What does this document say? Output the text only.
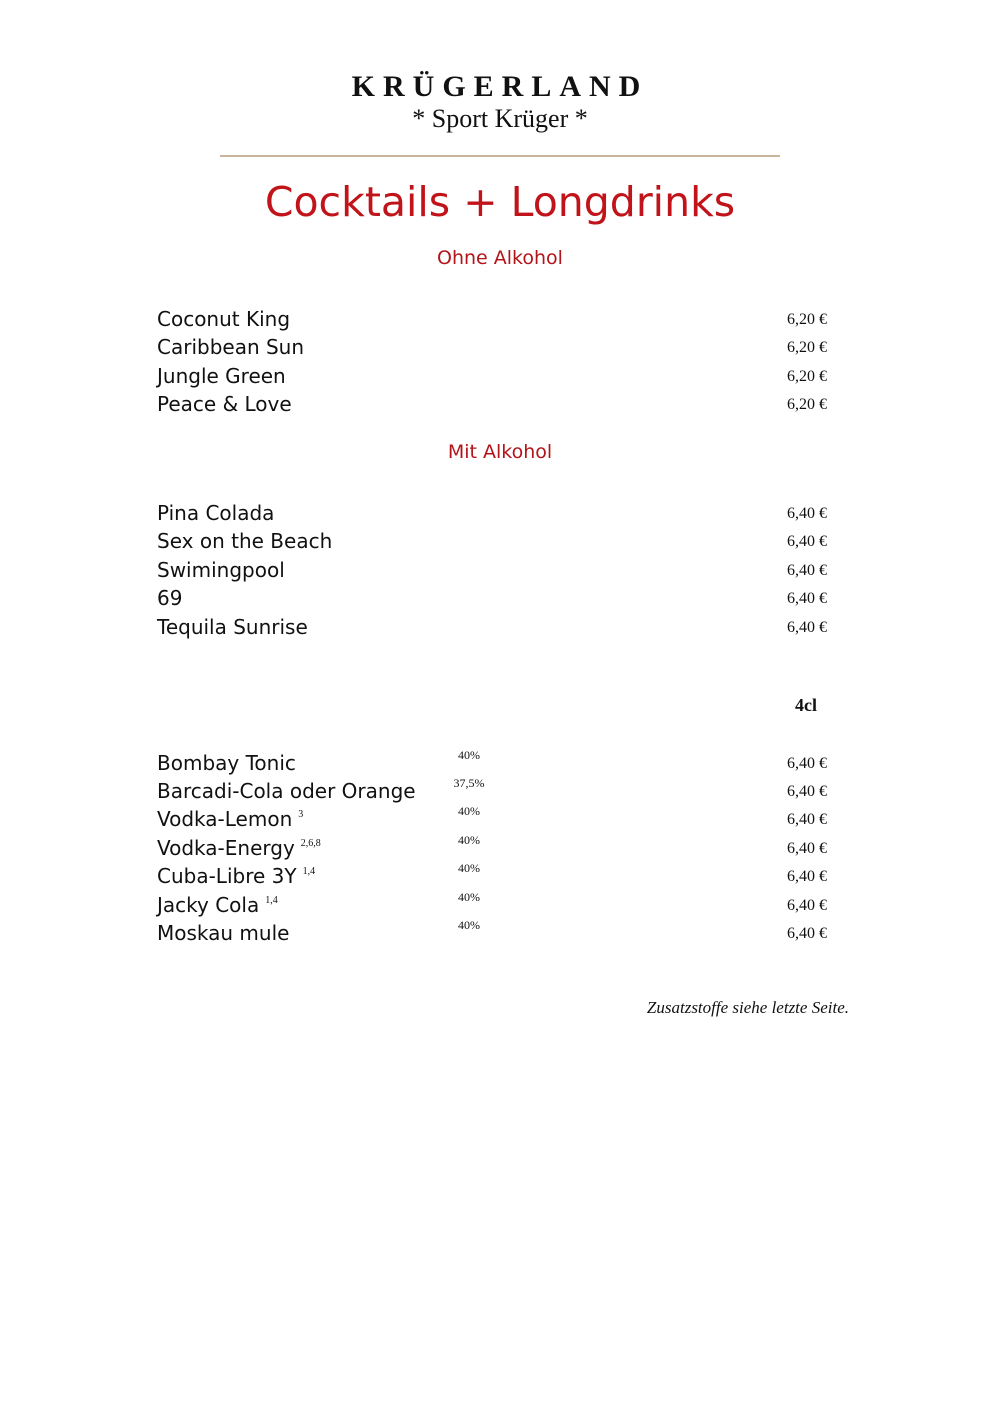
KRÜGERLAND
* Sport Krüger *
Cocktails + Longdrinks
Ohne Alkohol
Coconut King	6,20 €
Caribbean Sun	6,20 €
Jungle Green	6,20 €
Peace & Love	6,20 €
Mit Alkohol
Pina Colada	6,40 €
Sex on the Beach	6,40 €
Swimingpool	6,40 €
69	6,40 €
Tequila Sunrise	6,40 €
4cl
Bombay Tonic	40%	6,40 €
Barcadi-Cola oder Orange	37,5%	6,40 €
Vodka-Lemon $^3$	40%	6,40 €
Vodka-Energy $^{2,6,8}$	40%	6,40 €
Cuba-Libre 3Y $^{1,4}$	40%	6,40 €
Jacky Cola $^{1,4}$	40%	6,40 €
Moskau mule	40%	6,40 €
Zusatzstoffe siehe letzte Seite.
